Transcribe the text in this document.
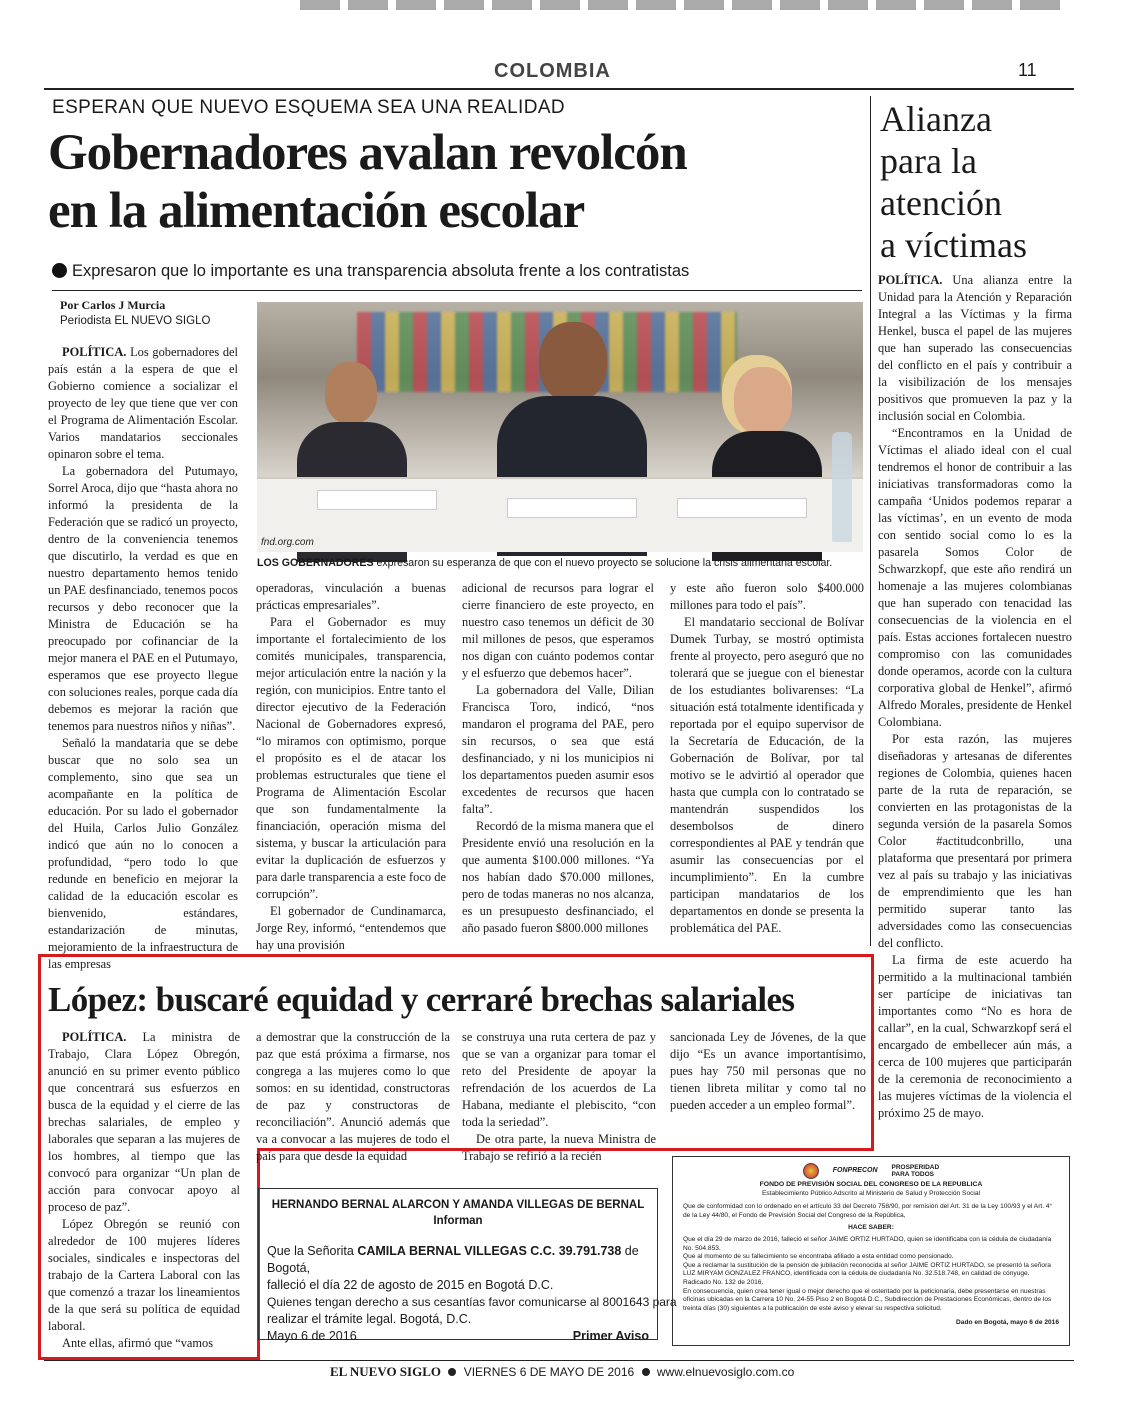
COLOMBIA	11
ESPERAN QUE NUEVO ESQUEMA SEA UNA REALIDAD
Gobernadores avalan revolcón
en la alimentación escolar
Expresaron que lo importante es una transparencia absoluta frente a los contratistas
Por Carlos J Murcia
Periodista EL NUEVO SIGLO
fnd.org.com
LOS GOBERNADORES expresaron su esperanza de que con el nuevo proyecto se solucione la crisis alimentaria escolar.

POLÍTICA. Los gobernadores del país están a la espera de que el Gobierno comience a socializar el proyecto de ley que tiene que ver con el Programa de Alimentación Escolar. Varios mandatarios seccionales opinaron sobre el tema.

La gobernadora del Putumayo, Sorrel Aroca, dijo que “hasta ahora no informó la presidenta de la Federación que se radicó un proyecto, dentro de la conveniencia tenemos que discutirlo, la verdad es que en nuestro departamento hemos tenido un PAE desfinanciado, tenemos pocos recursos y debo reconocer que la Ministra de Educación se ha preocupado por cofinanciar de la mejor manera el PAE en el Putumayo, esperamos que ese proyecto llegue con soluciones reales, porque cada día debemos es mejorar la ración que tenemos para nuestros niños y niñas”.

Señaló la mandataria que se debe buscar que no solo sea un complemento, sino que sea un acompañante en la política de educación. Por su lado el gobernador del Huila, Carlos Julio González indicó que aún no lo conocen a profundidad, “pero todo lo que redunde en beneficio en mejorar la calidad de la educación escolar es bienvenido, estándares, estandarización de minutas, mejoramiento de la infraestructura de las empresas

operadoras, vinculación a buenas prácticas empresariales”.

Para el Gobernador es muy importante el fortalecimiento de los comités municipales, transparencia, mejor articulación entre la nación y la región, con municipios. Entre tanto el director ejecutivo de la Federación Nacional de Gobernadores expresó, “lo miramos con optimismo, porque el propósito es el de atacar los problemas estructurales que tiene el Programa de Alimentación Escolar que son fundamentalmente la financiación, operación misma del sistema, y buscar la articulación para evitar la duplicación de esfuerzos y para darle transparencia a este foco de corrupción”.

El gobernador de Cundinamarca, Jorge Rey, informó, “entendemos que hay una provisión

adicional de recursos para lograr el cierre financiero de este proyecto, en nuestro caso tenemos un déficit de 30 mil millones de pesos, que esperamos nos digan con cuánto podemos contar y el esfuerzo que debemos hacer”.

La gobernadora del Valle, Dilian Francisca Toro, indicó, “nos mandaron el programa del PAE, pero sin recursos, o sea que está desfinanciado, y ni los municipios ni los departamentos pueden asumir esos excedentes de recursos que hacen falta”.

Recordó de la misma manera que el Presidente envió una resolución en la que aumenta $100.000 millones. “Ya nos habían dado $70.000 millones, pero de todas maneras no nos alcanza, es un presupuesto desfinanciado, el año pasado fueron $800.000 millones

y este año fueron solo $400.000 millones para todo el país”.

El mandatario seccional de Bolívar Dumek Turbay, se mostró optimista frente al proyecto, pero aseguró que no tolerará que se juegue con el bienestar de los estudiantes bolivarenses: “La situación está totalmente identificada y reportada por el equipo supervisor de la Secretaría de Educación, de la Gobernación de Bolívar, por tal motivo se le advirtió al operador que hasta que cumpla con lo contratado se mantendrán suspendidos los desembolsos de dinero correspondientes al PAE y tendrán que asumir las consecuencias por el incumplimiento”. En la cumbre participan mandatarios de los departamentos en donde se presenta la problemática del PAE.

Alianza
para la
atención
a víctimas

POLÍTICA. Una alianza entre la Unidad para la Atención y Reparación Integral a las Víctimas y la firma Henkel, busca el papel de las mujeres que han superado las consecuencias del conflicto en el país y contribuir a la visibilización de los mensajes positivos que promueven la paz y la inclusión social en Colombia.

“Encontramos en la Unidad de Víctimas el aliado ideal con el cual tendremos el honor de contribuir a las iniciativas transformadoras como la campaña ‘Unidos podemos reparar a las víctimas’, en un evento de moda con sentido social como lo es la pasarela Somos Color de Schwarzkopf, que este año rendirá un homenaje a las mujeres colombianas que han superado con tenacidad las consecuencias de la violencia en el país. Estas acciones fortalecen nuestro compromiso con las comunidades donde operamos, acorde con la cultura corporativa global de Henkel”, afirmó Alfredo Morales, presidente de Henkel Colombiana.

Por esta razón, las mujeres diseñadoras y artesanas de diferentes regiones de Colombia, quienes hacen parte de la ruta de reparación, se convierten en las protagonistas de la segunda versión de la pasarela Somos Color #actitudconbrillo, una plataforma que presentará por primera vez al país su trabajo y las iniciativas de emprendimiento que les han permitido superar tanto las adversidades como las consecuencias del conflicto.

La firma de este acuerdo ha permitido a la multinacional también ser partícipe de iniciativas tan importantes como “No es hora de callar”, en la cual, Schwarzkopf será el encargado de embellecer aún más, a cerca de 100 mujeres que participarán de la ceremonia de reconocimiento a las mujeres víctimas de la violencia el próximo 25 de mayo.

López: buscaré equidad y cerraré brechas salariales

POLÍTICA. La ministra de Trabajo, Clara López Obregón, anunció en su primer evento público que concentrará sus esfuerzos en busca de la equidad y el cierre de las brechas salariales, de empleo y laborales que separan a las mujeres de los hombres, al tiempo que las convocó para organizar “Un plan de acción para convocar apoyo al proceso de paz”.

López Obregón se reunió con alrededor de 100 mujeres líderes sociales, sindicales e inspectoras del trabajo de la Cartera Laboral con las que comenzó a trazar los lineamientos de la que será su política de equidad laboral.

Ante ellas, afirmó que “vamos

a demostrar que la construcción de la paz que está próxima a firmarse, nos congrega a las mujeres como lo que somos: en su identidad, constructoras de paz y constructoras de reconciliación”. Anunció además que va a convocar a las mujeres de todo el país para que desde la equidad

se construya una ruta certera de paz y que se van a organizar para tomar el reto del Presidente de apoyar la refrendación de los acuerdos de La Habana, mediante el plebiscito, “con toda la seriedad”.

De otra parte, la nueva Ministra de Trabajo se refirió a la recién

sancionada Ley de Jóvenes, de la que dijo “Es un avance importantísimo, pues hay 750 mil personas que no tienen libreta militar y como tal no pueden acceder a un empleo formal”.

HERNANDO BERNAL ALARCON Y AMANDA VILLEGAS DE BERNAL
Informan
Que la Señorita CAMILA BERNAL VILLEGAS C.C. 39.791.738 de Bogotá,
falleció el día 22 de agosto de 2015 en Bogotá D.C.
Quienes tengan derecho a sus cesantías favor comunicarse al 8001643 para
realizar el trámite legal. Bogotá, D.C.
Mayo 6 de 2016	Primer Aviso
FONPRECON PROSPERIDAD
PARA TODOS
FONDO DE PREVISIÓN SOCIAL DEL CONGRESO DE LA REPUBLICA
Establecimiento Público Adscrito al Ministerio de Salud y Protección Social
Que de conformidad con lo ordenado en el artículo 33 del Decreto 758/90, por remisión del Art. 31 de la Ley 100/93 y el Art. 4° de la Ley 44/80, el Fondo de Previsión Social del Congreso de la República,
HACE SABER:
Que el día 29 de marzo de 2016, falleció el señor JAIME ORTIZ HURTADO, quien se identificaba con la cédula de ciudadanía No. 504.853.
Que al momento de su fallecimiento se encontraba afiliado a esta entidad como pensionado.
Que a reclamar la sustitución de la pensión de jubilación reconocida al señor JAIME ORTIZ HURTADO, se presentó la señora LUZ MIRYAM GONZALEZ FRANCO, identificada con la cédula de ciudadanía No. 32.518.748, en calidad de cónyuge. Radicado No. 132 de 2016.
En consecuencia, quien crea tener igual o mejor derecho que el ostentado por la peticionaria, debe presentarse en nuestras oficinas ubicadas en la Carrera 10 No. 24-55 Piso 2 en Bogotá D.C., Subdirección de Prestaciones Económicas, dentro de los treinta días (30) siguientes a la publicación de este aviso y elevar su respectiva solicitud.
Dado en Bogotá, mayo 6 de 2016
EL NUEVO SIGLO VIERNES 6 DE MAYO DE 2016 www.elnuevosiglo.com.co
